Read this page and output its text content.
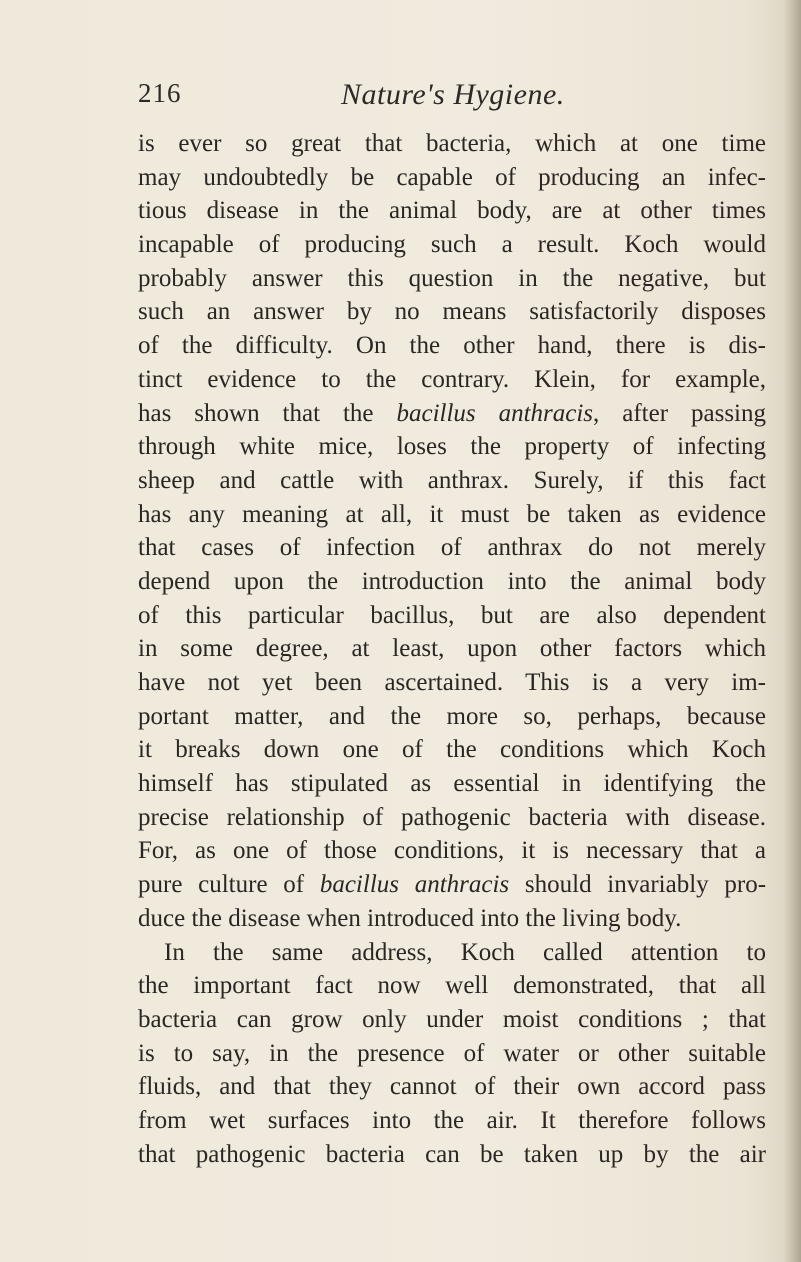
216	Nature's Hygiene.
is ever so great that bacteria, which at one time
may undoubtedly be capable of producing an infec-
tious disease in the animal body, are at other times
incapable of producing such a result. Koch would
probably answer this question in the negative, but
such an answer by no means satisfactorily disposes
of the difficulty. On the other hand, there is dis-
tinct evidence to the contrary. Klein, for example,
has shown that the bacillus anthracis, after passing
through white mice, loses the property of infecting
sheep and cattle with anthrax. Surely, if this fact
has any meaning at all, it must be taken as evidence
that cases of infection of anthrax do not merely
depend upon the introduction into the animal body
of this particular bacillus, but are also dependent
in some degree, at least, upon other factors which
have not yet been ascertained. This is a very im-
portant matter, and the more so, perhaps, because
it breaks down one of the conditions which Koch
himself has stipulated as essential in identifying the
precise relationship of pathogenic bacteria with disease.
For, as one of those conditions, it is necessary that a
pure culture of bacillus anthracis should invariably pro-
duce the disease when introduced into the living body.
In the same address, Koch called attention to
the important fact now well demonstrated, that all
bacteria can grow only under moist conditions ; that
is to say, in the presence of water or other suitable
fluids, and that they cannot of their own accord pass
from wet surfaces into the air. It therefore follows
that pathogenic bacteria can be taken up by the air
